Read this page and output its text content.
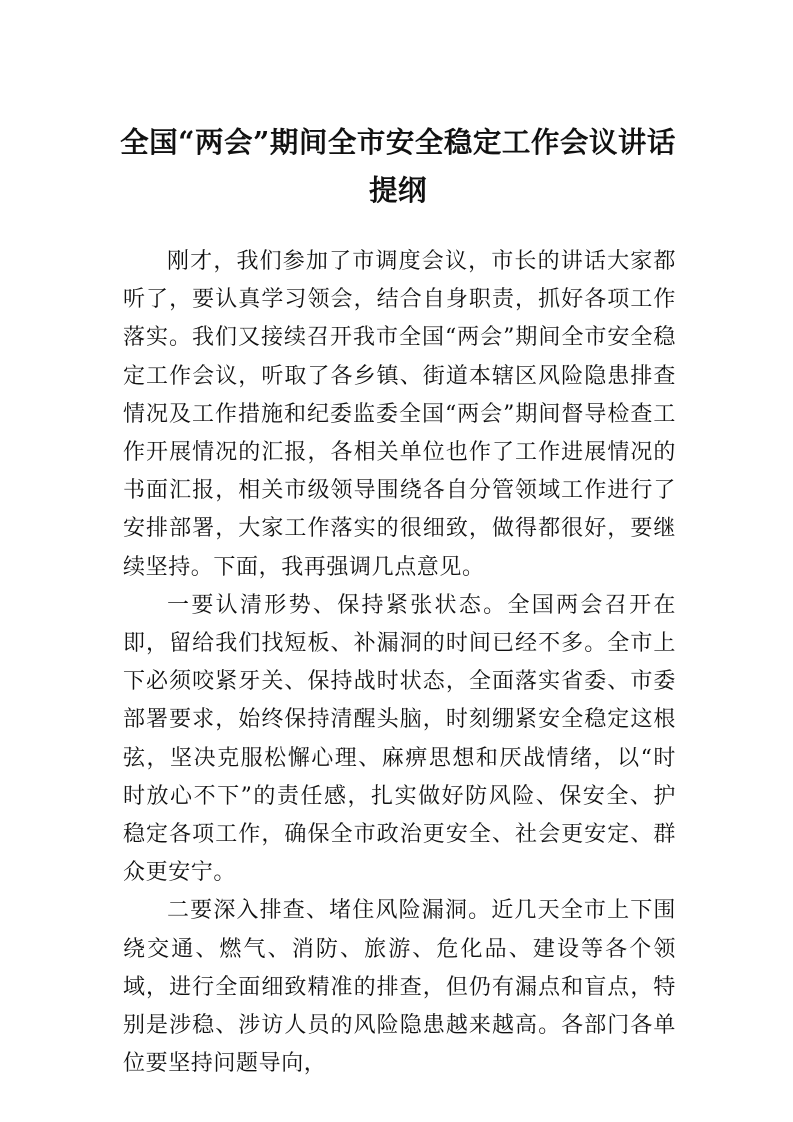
全国“两会”期间全市安全稳定工作会议讲话提纲

刚才，我们参加了市调度会议，市长的讲话大家都听了，要认真学习领会，结合自身职责，抓好各项工作落实。我们又接续召开我市全国“两会”期间全市安全稳定工作会议，听取了各乡镇、街道本辖区风险隐患排查情况及工作措施和纪委监委全国“两会”期间督导检查工作开展情况的汇报，各相关单位也作了工作进展情况的书面汇报，相关市级领导围绕各自分管领域工作进行了安排部署，大家工作落实的很细致，做得都很好，要继续坚持。下面，我再强调几点意见。

一要认清形势、保持紧张状态。全国两会召开在即，留给我们找短板、补漏洞的时间已经不多。全市上下必须咬紧牙关、保持战时状态，全面落实省委、市委部署要求，始终保持清醒头脑，时刻绷紧安全稳定这根弦，坚决克服松懈心理、麻痹思想和厌战情绪，以“时时放心不下”的责任感，扎实做好防风险、保安全、护稳定各项工作，确保全市政治更安全、社会更安定、群众更安宁。

二要深入排查、堵住风险漏洞。近几天全市上下围绕交通、燃气、消防、旅游、危化品、建设等各个领域，进行全面细致精准的排查，但仍有漏点和盲点，特别是涉稳、涉访人员的风险隐患越来越高。各部门各单位要坚持问题导向，
